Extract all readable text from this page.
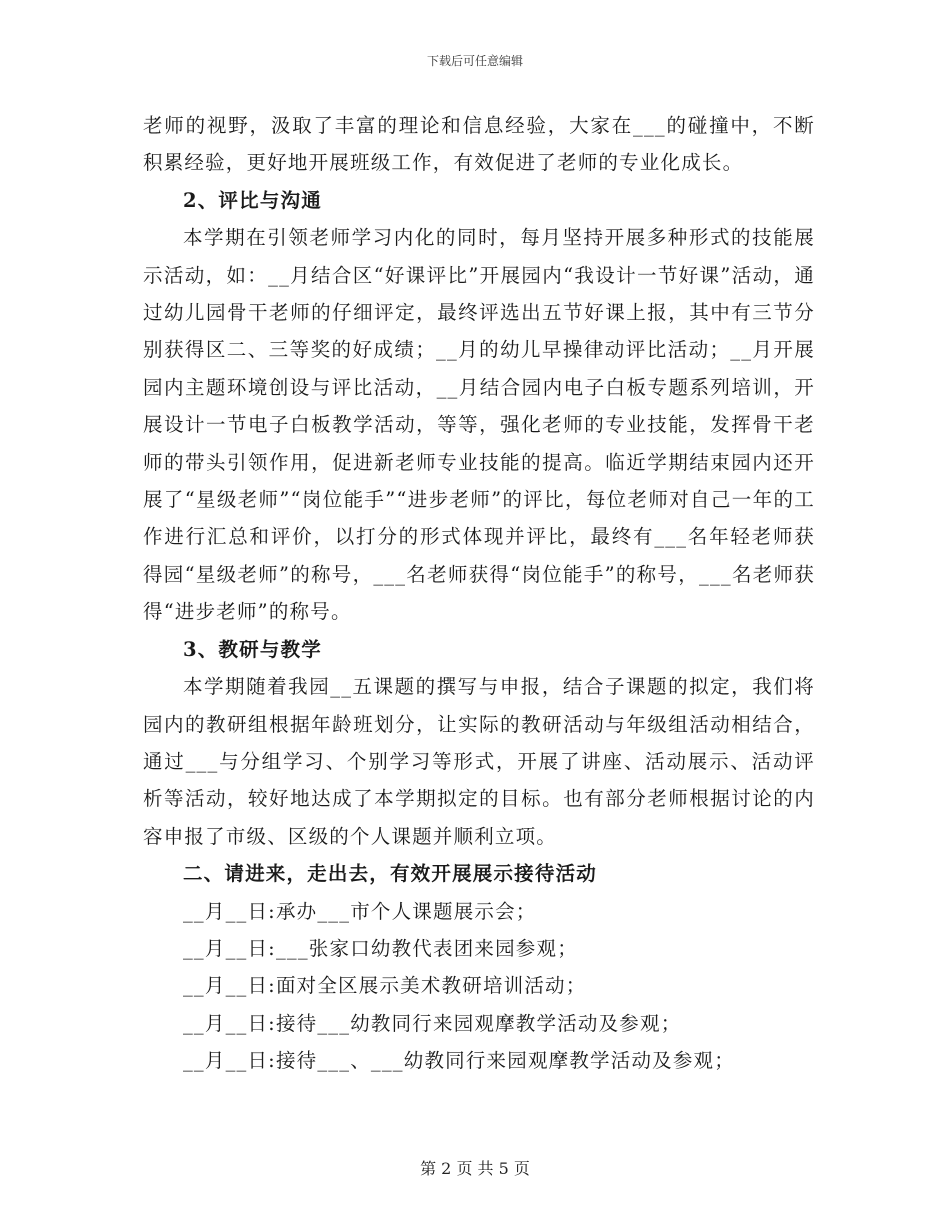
下载后可任意编辑

老师的视野，汲取了丰富的理论和信息经验，大家在___的碰撞中，不断积累经验，更好地开展班级工作，有效促进了老师的专业化成长。

2、评比与沟通

本学期在引领老师学习内化的同时，每月坚持开展多种形式的技能展示活动，如：__月结合区“好课评比”开展园内“我设计一节好课”活动，通过幼儿园骨干老师的仔细评定，最终评选出五节好课上报，其中有三节分别获得区二、三等奖的好成绩；__月的幼儿早操律动评比活动；__月开展园内主题环境创设与评比活动，__月结合园内电子白板专题系列培训，开展设计一节电子白板教学活动，等等，强化老师的专业技能，发挥骨干老师的带头引领作用，促进新老师专业技能的提高。临近学期结束园内还开展了“星级老师”“岗位能手”“进步老师”的评比，每位老师对自己一年的工作进行汇总和评价，以打分的形式体现并评比，最终有___名年轻老师获得园“星级老师”的称号，___名老师获得“岗位能手”的称号，___名老师获得“进步老师”的称号。

3、教研与教学

本学期随着我园__五课题的撰写与申报，结合子课题的拟定，我们将园内的教研组根据年龄班划分，让实际的教研活动与年级组活动相结合，通过___与分组学习、个别学习等形式，开展了讲座、活动展示、活动评析等活动，较好地达成了本学期拟定的目标。也有部分老师根据讨论的内容申报了市级、区级的个人课题并顺利立项。

二、请进来，走出去，有效开展展示接待活动

__月__日:承办___市个人课题展示会；

__月__日:___张家口幼教代表团来园参观；

__月__日:面对全区展示美术教研培训活动；

__月__日:接待___幼教同行来园观摩教学活动及参观；

__月__日:接待___、___幼教同行来园观摩教学活动及参观；

第 2 页 共 5 页
